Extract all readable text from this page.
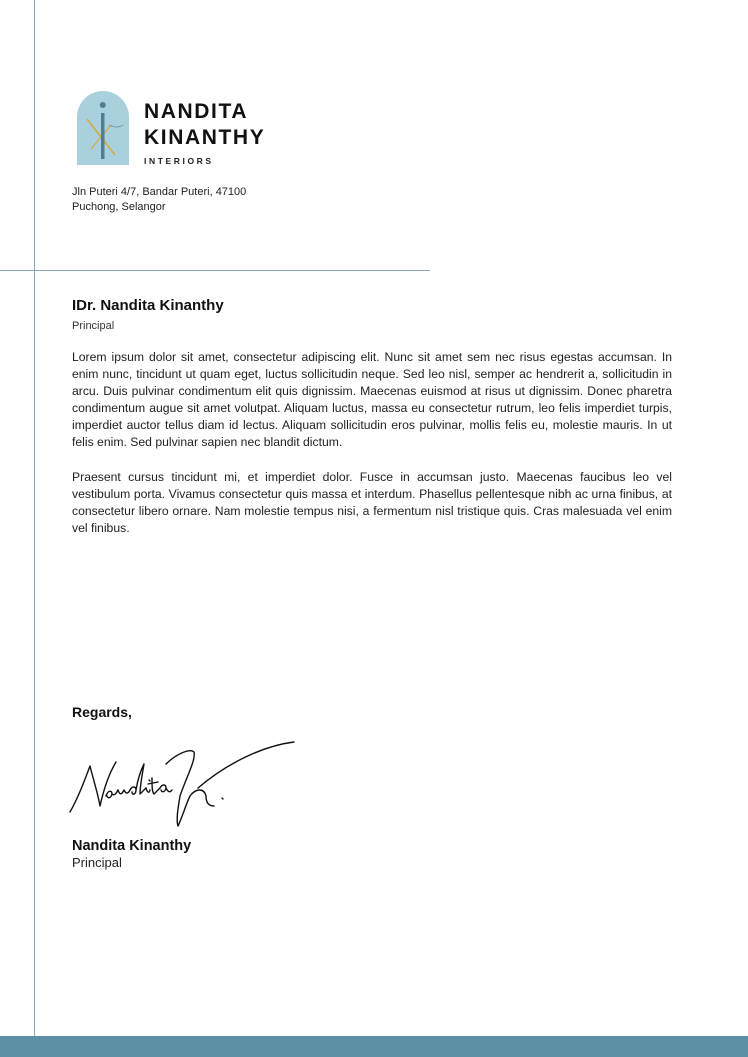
NANDITA
KINANTHY
INTERIORS
Jln Puteri 4/7, Bandar Puteri, 47100
Puchong, Selangor
IDr. Nandita Kinanthy
Principal

Lorem ipsum dolor sit amet, consectetur adipiscing elit. Nunc sit amet sem nec risus egestas accumsan. In enim nunc, tincidunt ut quam eget, luctus sollicitudin neque. Sed leo nisl, semper ac hendrerit a, sollicitudin in arcu. Duis pulvinar condimentum elit quis dignissim. Maecenas euismod at risus ut dignissim. Donec pharetra condimentum augue sit amet volutpat. Aliquam luctus, massa eu consectetur rutrum, leo felis imperdiet turpis, imperdiet auctor tellus diam id lectus. Aliquam sollicitudin eros pulvinar, mollis felis eu, molestie mauris. In ut felis enim. Sed pulvinar sapien nec blandit dictum.

Praesent cursus tincidunt mi, et imperdiet dolor. Fusce in accumsan justo. Maecenas faucibus leo vel vestibulum porta. Vivamus consectetur quis massa et interdum. Phasellus pellentesque nibh ac urna finibus, at consectetur libero ornare. Nam molestie tempus nisi, a fermentum nisl tristique quis. Cras malesuada vel enim vel finibus.

Regards,
Nandita Kinanthy
Principal
